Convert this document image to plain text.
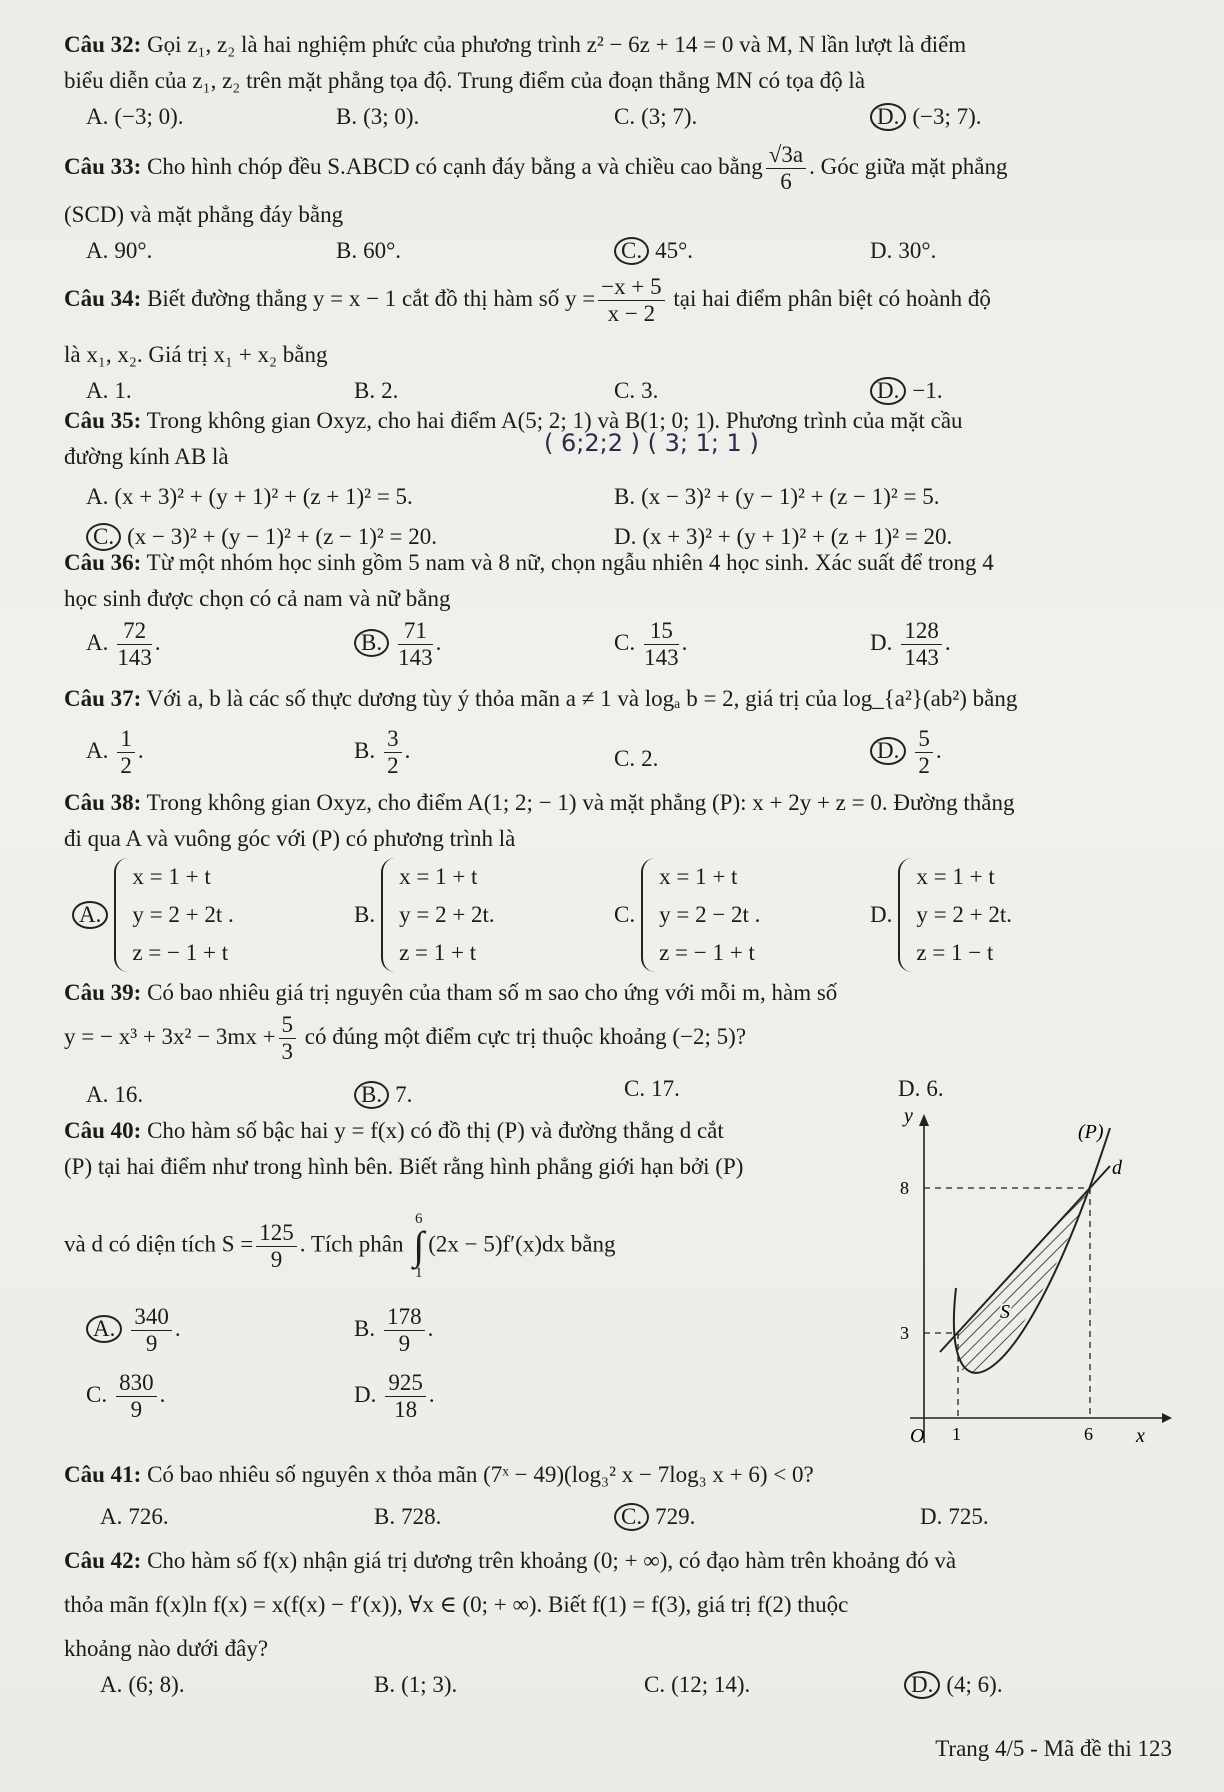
Câu 32: Gọi z₁, z₂ là hai nghiệm phức của phương trình z² − 6z + 14 = 0 và M, N lần lượt là điểm
biểu diễn của z₁, z₂ trên mặt phẳng tọa độ. Trung điểm của đoạn thẳng MN có tọa độ là
A. (−3; 0).	B. (3; 0).	C. (3; 7).	D. (−3; 7).
Câu 33: Cho hình chóp đều S.ABCD có cạnh đáy bằng a và chiều cao bằng $\frac{√3a}{6}$ . Góc giữa mặt phẳng
(SCD) và mặt phẳng đáy bằng
A. 90°.	B. 60°.	C. 45°.	D. 30°.
Câu 34: Biết đường thẳng y = x − 1 cắt đồ thị hàm số $y = \frac{-x + 5}{x - 2}$ tại hai điểm phân biệt có hoành độ
là x₁, x₂. Giá trị x₁ + x₂ bằng
A. 1.	B. 2.	C. 3.	D. −1.
Câu 35: Trong không gian Oxyz, cho hai điểm A(5; 2; 1) và B(1; 0; 1). Phương trình của mặt cầu
đường kính AB là	( 6;2;2 ) ( 3; 1; 1 )
A. (x + 3)² + (y + 1)² + (z + 1)² = 5.	B. (x − 3)² + (y − 1)² + (z − 1)² = 5.
C. (x − 3)² + (y − 1)² + (z − 1)² = 20.	D. (x + 3)² + (y + 1)² + (z + 1)² = 20.
Câu 36: Từ một nhóm học sinh gồm 5 nam và 8 nữ, chọn ngẫu nhiên 4 học sinh. Xác suất để trong 4
học sinh được chọn có cả nam và nữ bằng
A. $\frac{72}{143}$ .	B. $\frac{71}{143}$ .	C. $\frac{15}{143}$ .	D. $\frac{128}{143}$ .
Câu 37: Với a, b là các số thực dương tùy ý thỏa mãn a ≠ 1 và logₐ b = 2, giá trị của log_{a²}(ab²) bằng
A. $\frac{1}{2}$ .	B. $\frac{3}{2}$ .	C. 2.	D. $\frac{5}{2}$ .
Câu 38: Trong không gian Oxyz, cho điểm A(1; 2; − 1) và mặt phẳng (P): x + 2y + z = 0. Đường thẳng
đi qua A và vuông góc với (P) có phương trình là
A.
x = 1 + t
y = 2 + 2t .
z = − 1 + t
B.
x = 1 + t
y = 2 + 2t.
z = 1 + t
C.
x = 1 + t
y = 2 − 2t .
z = − 1 + t
D.
x = 1 + t
y = 2 + 2t.
z = 1 − t
Câu 39: Có bao nhiêu giá trị nguyên của tham số m sao cho ứng với mỗi m, hàm số
y = − $x^3 + 3x^2 - 3mx + \frac{5}{3}$ có đúng một điểm cực trị thuộc khoảng (−2; 5)?
A. 16.	B. 7.	C. 17.	D. 6.
Câu 40: Cho hàm số bậc hai y = f(x) có đồ thị (P) và đường thẳng d cắt
(P) tại hai điểm như trong hình bên. Biết rằng hình phẳng giới hạn bởi (P)
và d có diện tích $S = \frac{125}{9}$ . Tích phân
6
∫
1
(2x − 5)f′(x)dx bằng
A. $\frac{340}{9}$ .	B. $\frac{178}{9}$ .
C. $\frac{830}{9}$ .	D. $\frac{925}{18}$ .
y
x
O
8
3
1	6
(P)
d
S
Câu 41: Có bao nhiêu số nguyên x thỏa mãn (7ˣ − 49)(log₃² x − 7log₃ x + 6) < 0?
A. 726.	B. 728.	C. 729.	D. 725.
Câu 42: Cho hàm số f(x) nhận giá trị dương trên khoảng (0; + ∞), có đạo hàm trên khoảng đó và
thỏa mãn f(x)ln f(x) = x(f(x) − f′(x)), ∀x ∈ (0; + ∞). Biết f(1) = f(3), giá trị f(2) thuộc
khoảng nào dưới đây?
A. (6; 8).	B. (1; 3).	C. (12; 14).	D. (4; 6).
Trang 4/5 - Mã đề thi 123
